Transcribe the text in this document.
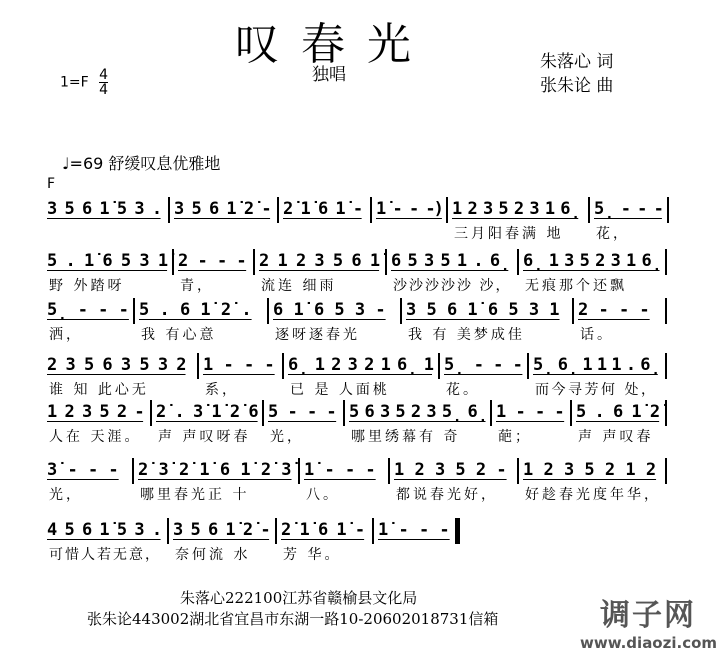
叹春光
独唱
$1=F \frac{4}{4}$
朱落心 词
张朱论 曲
♩=69 舒缓叹息优雅地
F
3 5 6 1̇ 5 3 . 3 5 6 1̇ 2̇ - 2̇ 1̇ 6 1̇ - 1̇ - - -) 1 2 3 5 2 3 1 6̣
三月阳春满 地
5̣ - - -
花，
5 . 1̇ 6 5 3 1̇
野 外踏呀
2 - - -
青，
2 1 2 3 5 6 1̇
流连 细雨
6 5 3 5 1 . 6̣
沙沙沙沙沙 沙，
6̣ 1 3 5 2 3 1 6̣
无痕那个还飘
5̣ - - -
洒，
5 . 6 1̇ 2̇ .
我 有心意
6 1̇ 6 5 3 -
逐呀逐春光
3 5 6 1̇ 6 5 3 1
我 有 美梦成佳
2 - - -
话。
2 3 5 6 3 5 3 2
谁 知 此心无
1 - - -
系，
6̣ 1 2 3 2 1 6̣ 1
已 是 人面桃
5̣ - - -
花。
5̣ 6̣ 1 1 1 . 6̣
而今寻芳何 处，
1 2 3 5 2 -
人在 天涯。
2̇ . 3̇ 1̇ 2̇ 6
声 声叹呀春
5 - - -
光，
5 6 3 5 2 3 5̣ 6̣
哪里绣幕有 奇
1 - - -
葩；
5 . 6 1̇ 2̇
声 声叹春
3̇ - - -
光，
2̇ 3̇ 2̇ 1̇ 6 1̇ 2̇ 3̇
哪里春光正 十
1̇ - - -
八。
1 2 3 5 2 -
都说春光好，
1 2 3 5 2 1 2
好趁春光度年华，
4 5 6 1̇ 5 3 .
可惜人若无意，
3 5 6 1̇ 2̇ -
奈何流 水
2̇ 1̇ 6 1̇ -
芳 华。
1̇ - - -
朱落心222100江苏省赣榆县文化局
张朱论443002湖北省宜昌市东湖一路10-20602018731信箱	调子网
www.diaozi.com
